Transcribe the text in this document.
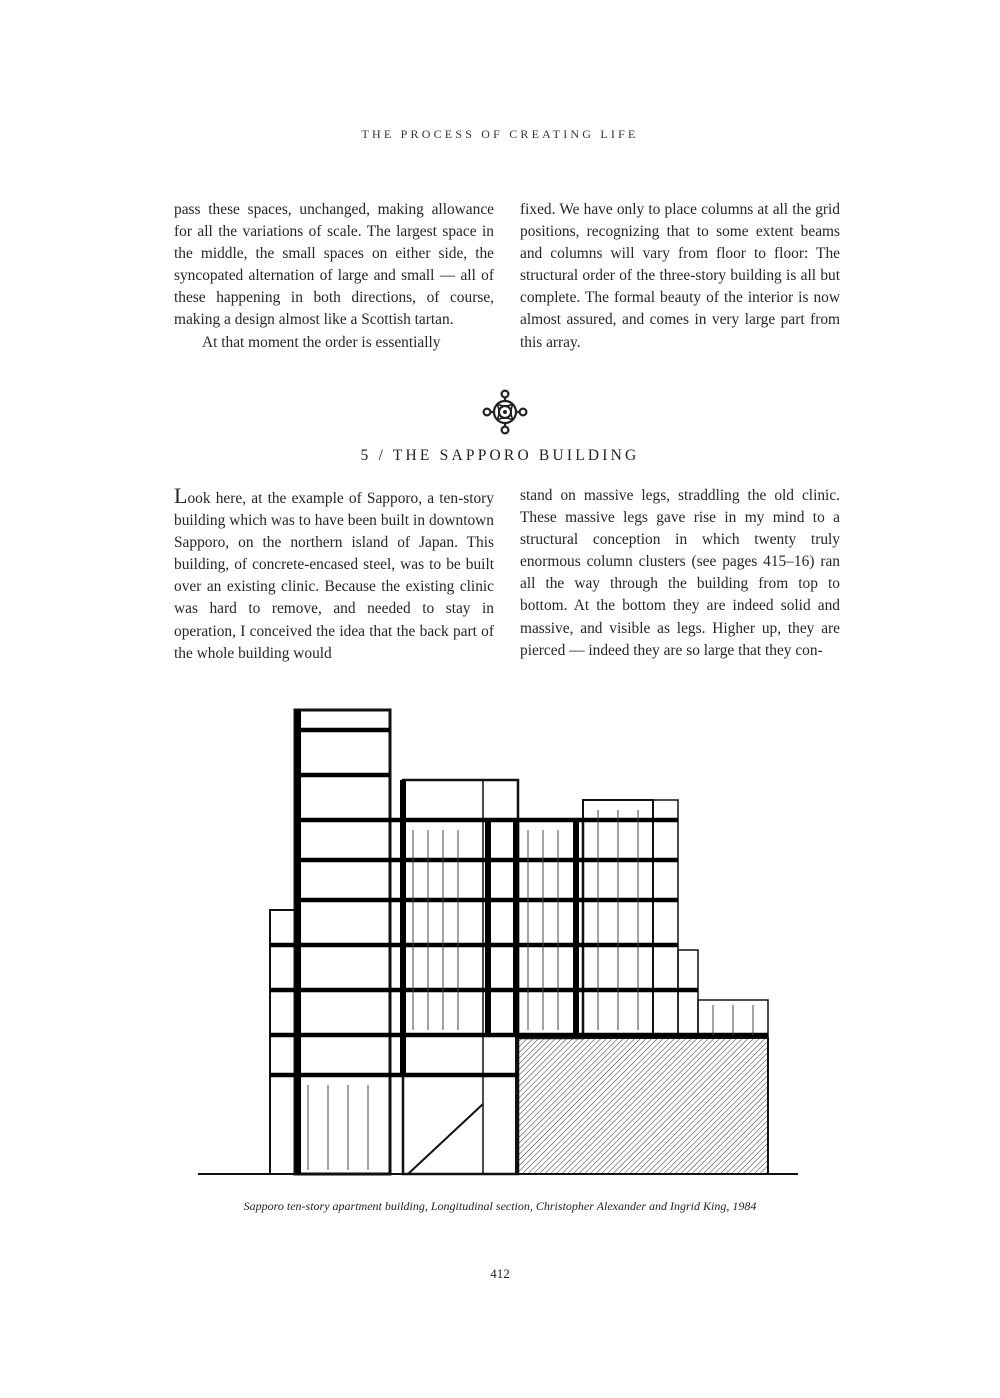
THE PROCESS OF CREATING LIFE

pass these spaces, unchanged, making allowance for all the variations of scale. The largest space in the middle, the small spaces on either side, the syncopated alternation of large and small — all of these happening in both directions, of course, making a design almost like a Scottish tartan.

At that moment the order is essentially

fixed. We have only to place columns at all the grid positions, recognizing that to some extent beams and columns will vary from floor to floor: The structural order of the three-story building is all but complete. The formal beauty of the interior is now almost assured, and comes in very large part from this array.

5 / THE SAPPORO BUILDING

Look here, at the example of Sapporo, a ten-story building which was to have been built in downtown Sapporo, on the northern island of Japan. This building, of concrete-encased steel, was to be built over an existing clinic. Because the existing clinic was hard to remove, and needed to stay in operation, I conceived the idea that the back part of the whole building would

stand on massive legs, straddling the old clinic. These massive legs gave rise in my mind to a structural conception in which twenty truly enormous column clusters (see pages 415–16) ran all the way through the building from top to bottom. At the bottom they are indeed solid and massive, and visible as legs. Higher up, they are pierced — indeed they are so large that they con-

Sapporo ten-story apartment building, Longitudinal section, Christopher Alexander and Ingrid King, 1984
412
